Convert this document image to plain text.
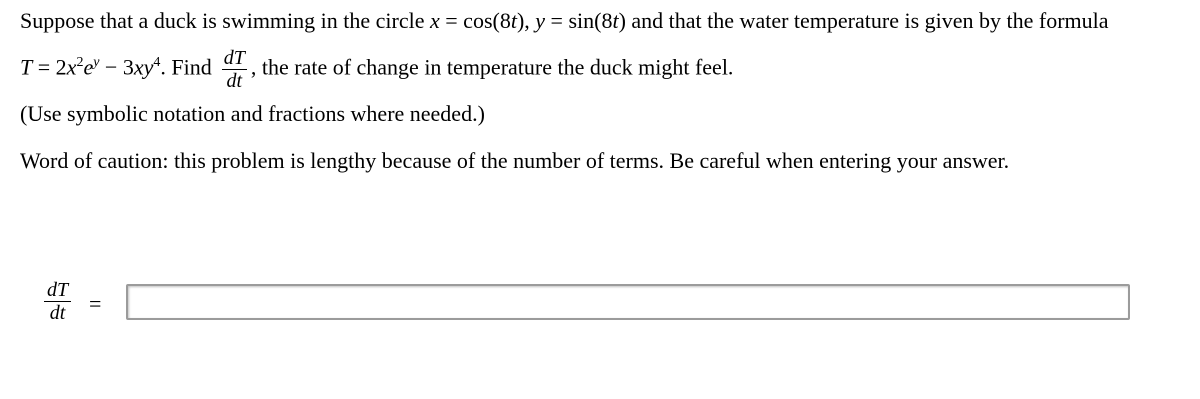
Suppose that a duck is swimming in the circle x = cos(8t), y = sin(8t) and that the water temperature is given by the formula
$T = 2x^2e^y - 3xy^4$. Find $\frac{dT}{dt}$ , the rate of change in temperature the duck might feel.
(Use symbolic notation and fractions where needed.)
Word of caution: this problem is lengthy because of the number of terms. Be careful when entering your answer.
$\frac{dT}{dt}$ =
